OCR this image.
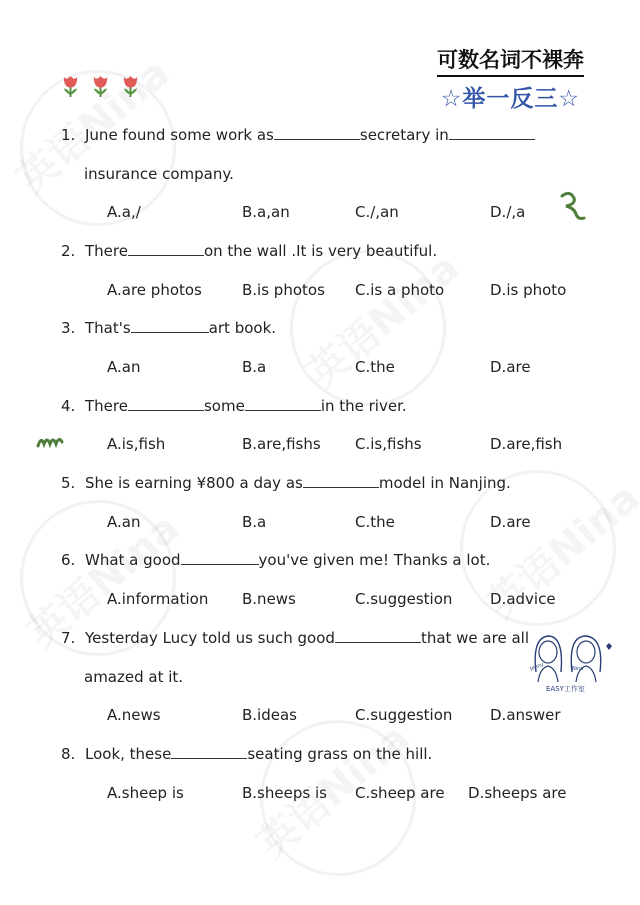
可数名词不裸奔
☆举一反三☆
Jenny	Nina
EASY工作室
1. June found some work as	secretary in
insurance company.
A.a,/	B.a,an	C./,an	D./,a
2. There	on the wall .It is very beautiful.
A.are photos	B.is photos C.is a photo	D.is photo
3. That's	art book.
A.an	B.a	C.the	D.are
4. There	some	in the river.
A.is,fish	B.are,fishs C.is,fishs	D.are,fish
5. She is earning ¥800 a day as	model in Nanjing.
A.an	B.a	C.the	D.are
6. What a good	you've given me! Thanks a lot.
A.information B.news	C.suggestion	D.advice
7. Yesterday Lucy told us such good	that we are all
amazed at it.
A.news	B.ideas	C.suggestion	D.answer
8. Look, these	seating grass on the hill.
A.sheep is	B.sheeps is C.sheep are D.sheeps are
